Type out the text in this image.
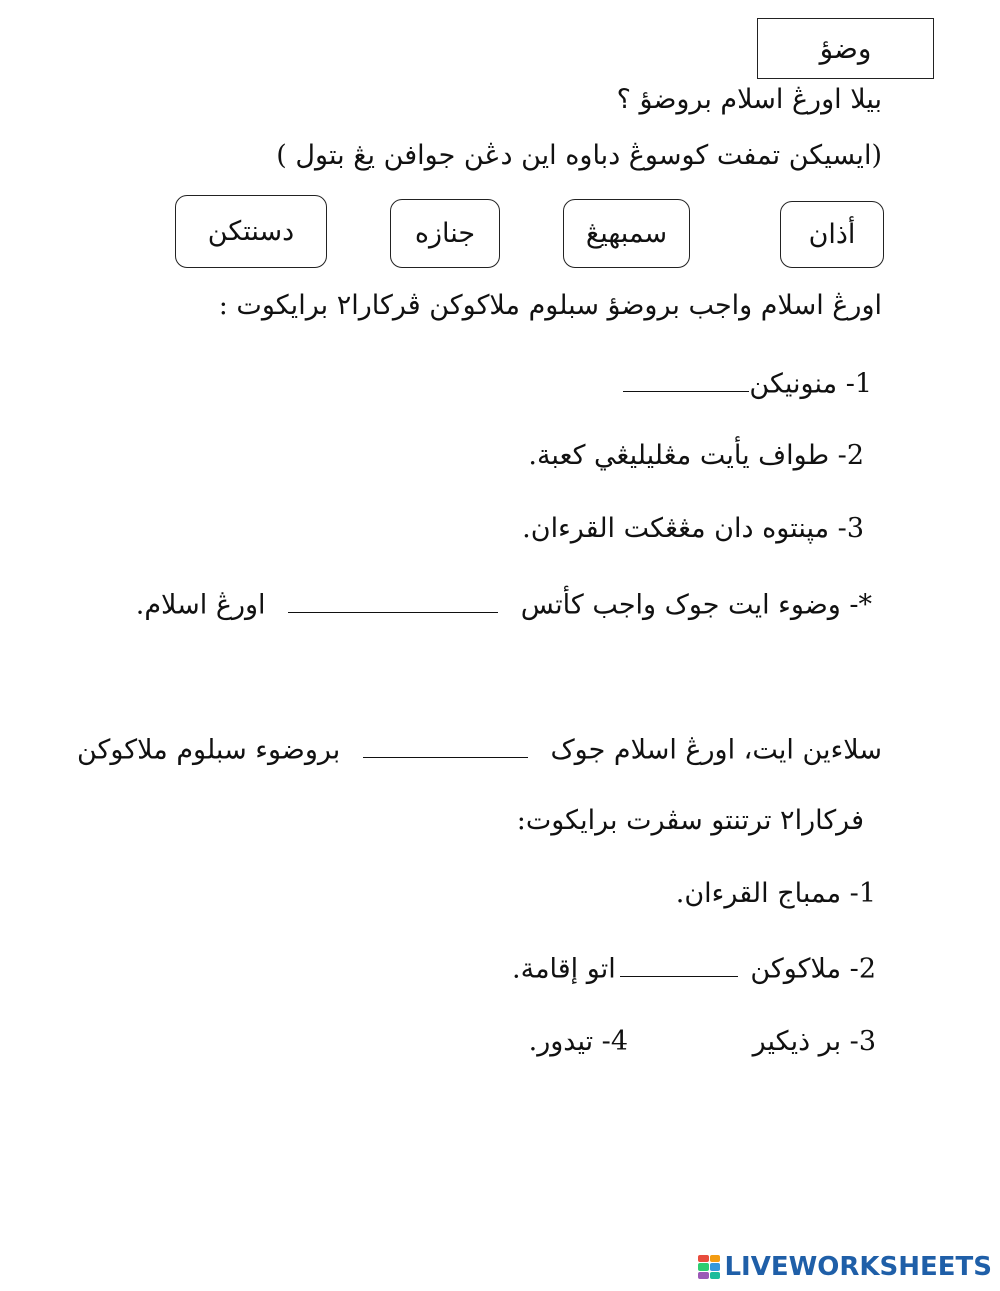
وضؤ
بيلا اورڠ اسلام بروضؤ ؟
(ايسيكن تمفت كوسوڠ دباوه اين دڠن جوافن يڠ بتول )
أذان
سمبهيڠ
جنازه
دسنتكن
اورڠ اسلام واجب بروضؤ سبلوم ملاكوكن ڤركارا٢ برايكوت :
1- منونيكن
2- طواف يأيت مڠليليڠي كعبة.
3- مپنتوه دان مڠڠكت القرءان.
*- وضوء ايت جوک واجب كأتس  اورڠ اسلام.
سلاءين ايت، اورڠ اسلام جوک  بروضوء سبلوم ملاكوكن
فركارا٢ ترتنتو سڤرت برايكوت:
1- ممباج القرءان.
2- ملاكوكن اتو إقامة.
3- بر ذيكير
4- تيدور.
LIVEWORKSHEETS
